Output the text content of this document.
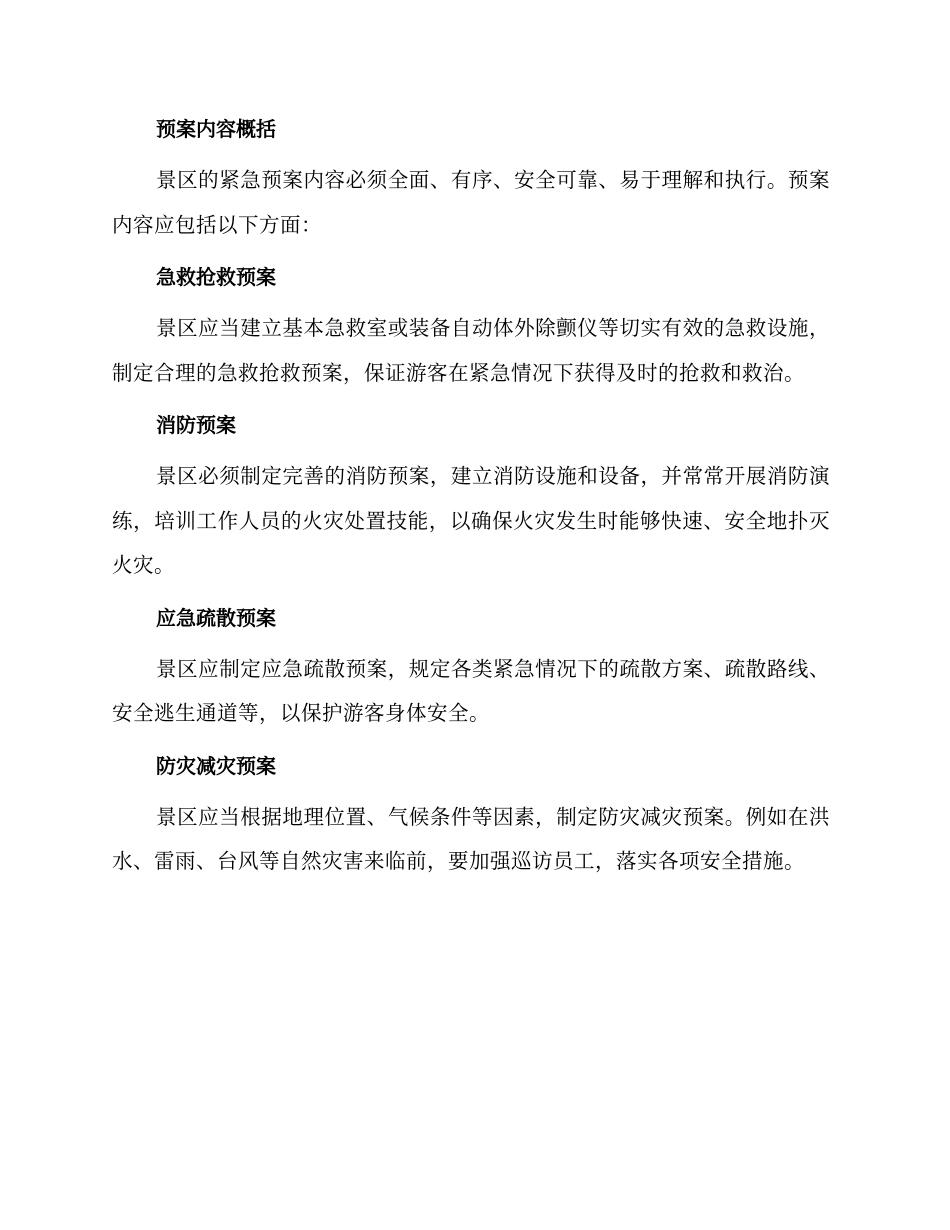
预案内容概括

景区的紧急预案内容必须全面、有序、安全可靠、易于理解和执行。预案内容应包括以下方面：

急救抢救预案

景区应当建立基本急救室或装备自动体外除颤仪等切实有效的急救设施，制定合理的急救抢救预案，保证游客在紧急情况下获得及时的抢救和救治。

消防预案

景区必须制定完善的消防预案，建立消防设施和设备，并常常开展消防演练，培训工作人员的火灾处置技能，以确保火灾发生时能够快速、安全地扑灭火灾。

应急疏散预案

景区应制定应急疏散预案，规定各类紧急情况下的疏散方案、疏散路线、安全逃生通道等，以保护游客身体安全。

防灾减灾预案

景区应当根据地理位置、气候条件等因素，制定防灾减灾预案。例如在洪水、雷雨、台风等自然灾害来临前，要加强巡访员工，落实各项安全措施。
